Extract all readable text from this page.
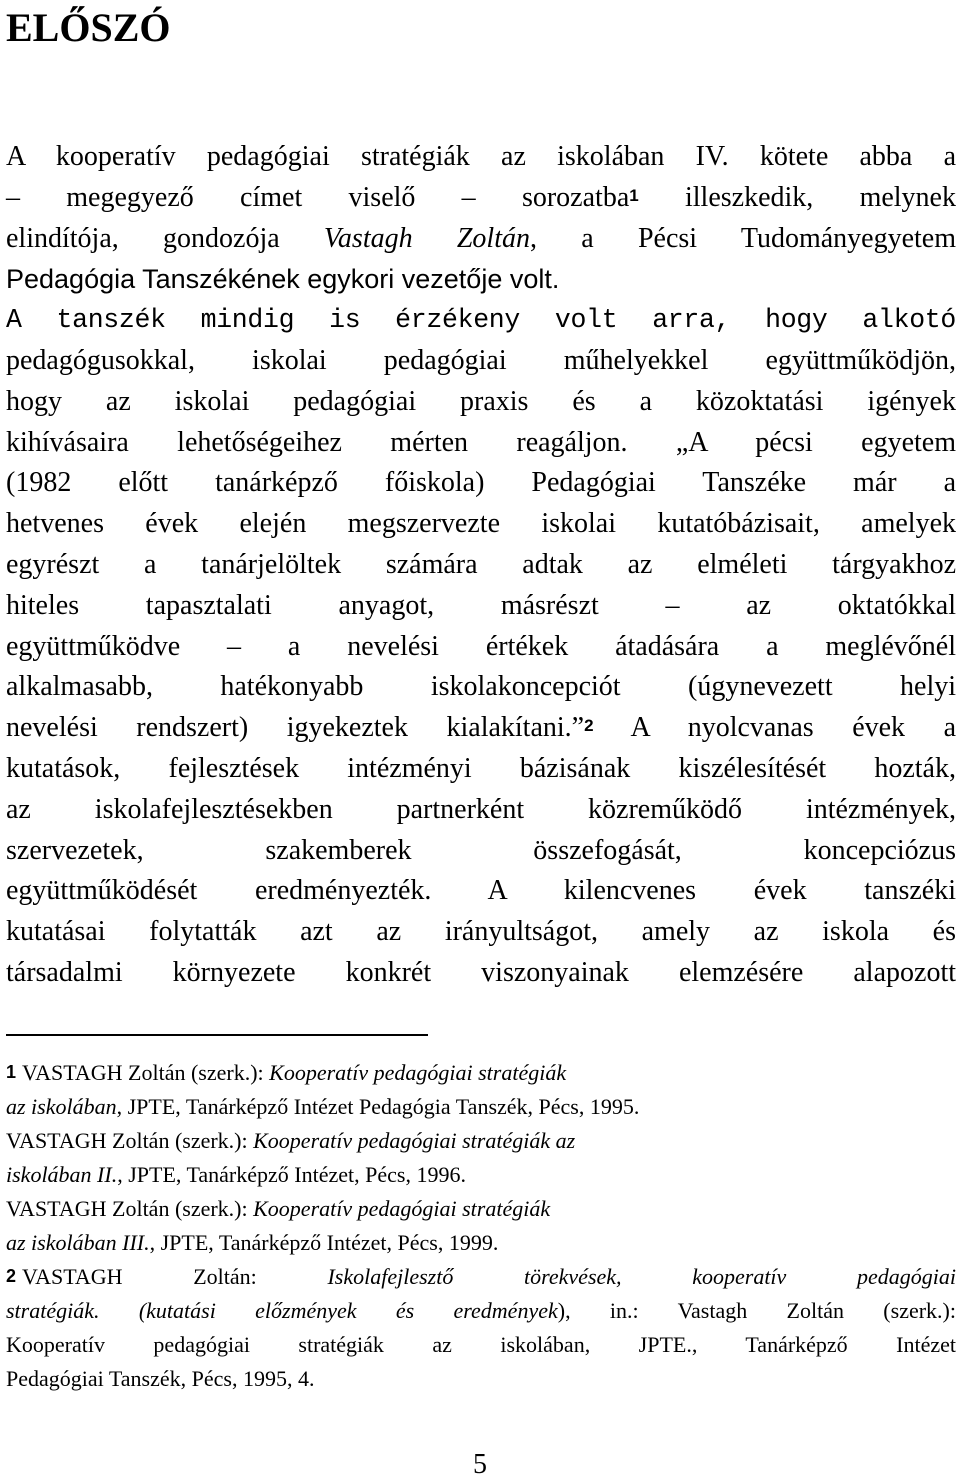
ELŐSZÓ
A kooperatív pedagógiai stratégiák az iskolában IV. kötete abba a
– megegyező címet viselő – sorozatba$^1$ illeszkedik, melynek
elindítója, gondozója Vastagh Zoltán, a Pécsi Tudományegyetem
Pedagógia Tanszékének egykori vezetője volt.
A tanszék mindig is érzékeny volt arra, hogy alkotó
pedagógusokkal, iskolai pedagógiai műhelyekkel együttműködjön,
hogy az iskolai pedagógiai praxis és a közoktatási igények
kihívásaira lehetőségeihez mérten reagáljon. „A pécsi egyetem
(1982 előtt tanárképző főiskola) Pedagógiai Tanszéke már a
hetvenes évek elején megszervezte iskolai kutatóbázisait, amelyek
egyrészt a tanárjelöltek számára adtak az elméleti tárgyakhoz
hiteles tapasztalati anyagot, másrészt – az oktatókkal
együttműködve – a nevelési értékek átadására a meglévőnél
alkalmasabb, hatékonyabb iskolakoncepciót (úgynevezett helyi
nevelési rendszert) igyekeztek kialakítani.”$^2$ A nyolcvanas évek a
kutatások, fejlesztések intézményi bázisának kiszélesítését hozták,
az iskolafejlesztésekben partnerként közreműködő intézmények,
szervezetek, szakemberek összefogását, koncepciózus
együttműködését eredményezték. A kilencvenes évek tanszéki
kutatásai folytatták azt az irányultságot, amely az iskola és
társadalmi környezete konkrét viszonyainak elemzésére alapozott
$^1$ VASTAGH Zoltán (szerk.): Kooperatív pedagógiai stratégiák
az iskolában, JPTE, Tanárképző Intézet Pedagógia Tanszék, Pécs, 1995.
VASTAGH Zoltán (szerk.): Kooperatív pedagógiai stratégiák az
iskolában II., JPTE, Tanárképző Intézet, Pécs, 1996.
VASTAGH Zoltán (szerk.): Kooperatív pedagógiai stratégiák
az iskolában III., JPTE, Tanárképző Intézet, Pécs, 1999.
$^2$ VASTAGH Zoltán: Iskolafejlesztő törekvések, kooperatív pedagógiai
stratégiák. (kutatási előzmények és eredmények), in.: Vastagh Zoltán (szerk.):
Kooperatív pedagógiai stratégiák az iskolában, JPTE., Tanárképző Intézet
Pedagógiai Tanszék, Pécs, 1995, 4.
5
